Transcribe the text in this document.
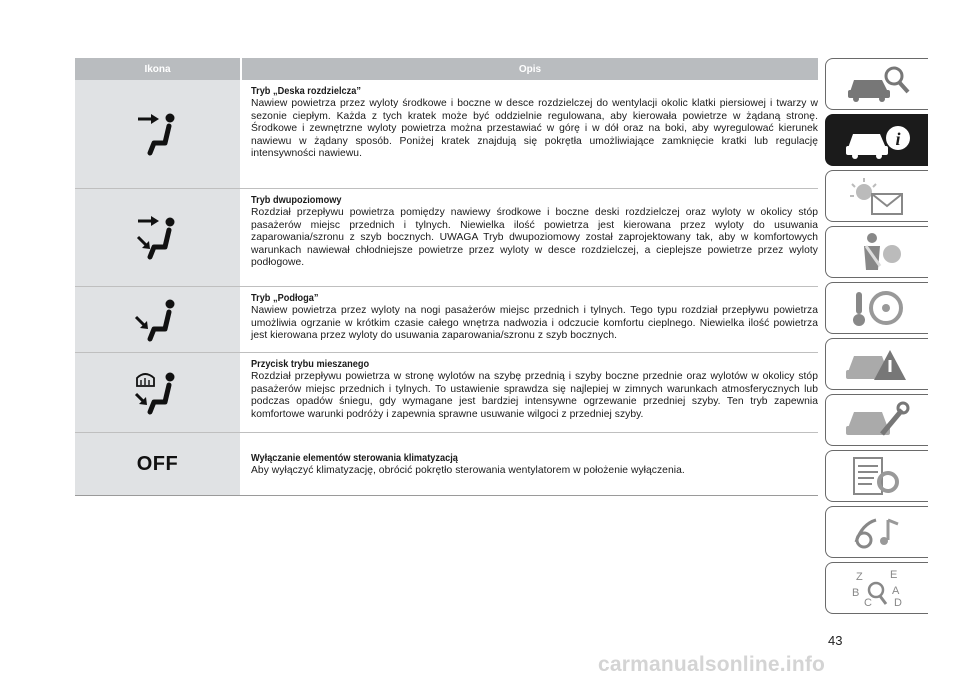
Ikona	Opis
Tryb „Deska rozdzielcza”
Nawiew powietrza przez wyloty środkowe i boczne w desce rozdzielczej do wentylacji okolic klatki piersiowej i twarzy w sezonie ciepłym. Każda z tych kratek może być oddzielnie regulowana, aby kierowała powietrze w żądaną stronę. Środkowe i zewnętrzne wyloty powietrza można przestawiać w górę i w dół oraz na boki, aby wyregulować kierunek nawiewu w żądany sposób. Poniżej kratek znajdują się pokrętła umożliwiające zamknięcie kratki lub regulację intensywności nawiewu.
Tryb dwupoziomowy
Rozdział przepływu powietrza pomiędzy nawiewy środkowe i boczne deski rozdzielczej oraz wyloty w okolicy stóp pasażerów miejsc przednich i tylnych. Niewielka ilość powietrza jest kierowana przez wyloty do usuwania zaparowania/szronu z szyb bocznych. UWAGA Tryb dwupoziomowy został zaprojektowany tak, aby w komfortowych warunkach nawiewał chłodniejsze powietrze przez wyloty w desce rozdzielczej, a cieplejsze powietrze przez wyloty podłogowe.
Tryb „Podłoga”
Nawiew powietrza przez wyloty na nogi pasażerów miejsc przednich i tylnych. Tego typu rozdział przepływu powietrza umożliwia ogrzanie w krótkim czasie całego wnętrza nadwozia i odczucie komfortu cieplnego. Niewielka ilość powietrza jest kierowana przez wyloty do usuwania zaparowania/szronu z szyb bocznych.
Przycisk trybu mieszanego
Rozdział przepływu powietrza w stronę wylotów na szybę przednią i szyby boczne przednie oraz wylotów w okolicy stóp pasażerów miejsc przednich i tylnych. To ustawienie sprawdza się najlepiej w zimnych warunkach atmosferycznych lub podczas opadów śniegu, gdy wymagane jest bardziej intensywne ogrzewanie przedniej szyby. Ten tryb zapewnia komfortowe warunki podróży i zapewnia sprawne usuwanie wilgoci z przedniej szyby.
OFF	Wyłączanie elementów sterowania klimatyzacją
Aby wyłączyć klimatyzację, obrócić pokrętło sterowania wentylatorem w położenie wyłączenia.
i
Z E
B	A
C D
43
carmanualsonline.info
